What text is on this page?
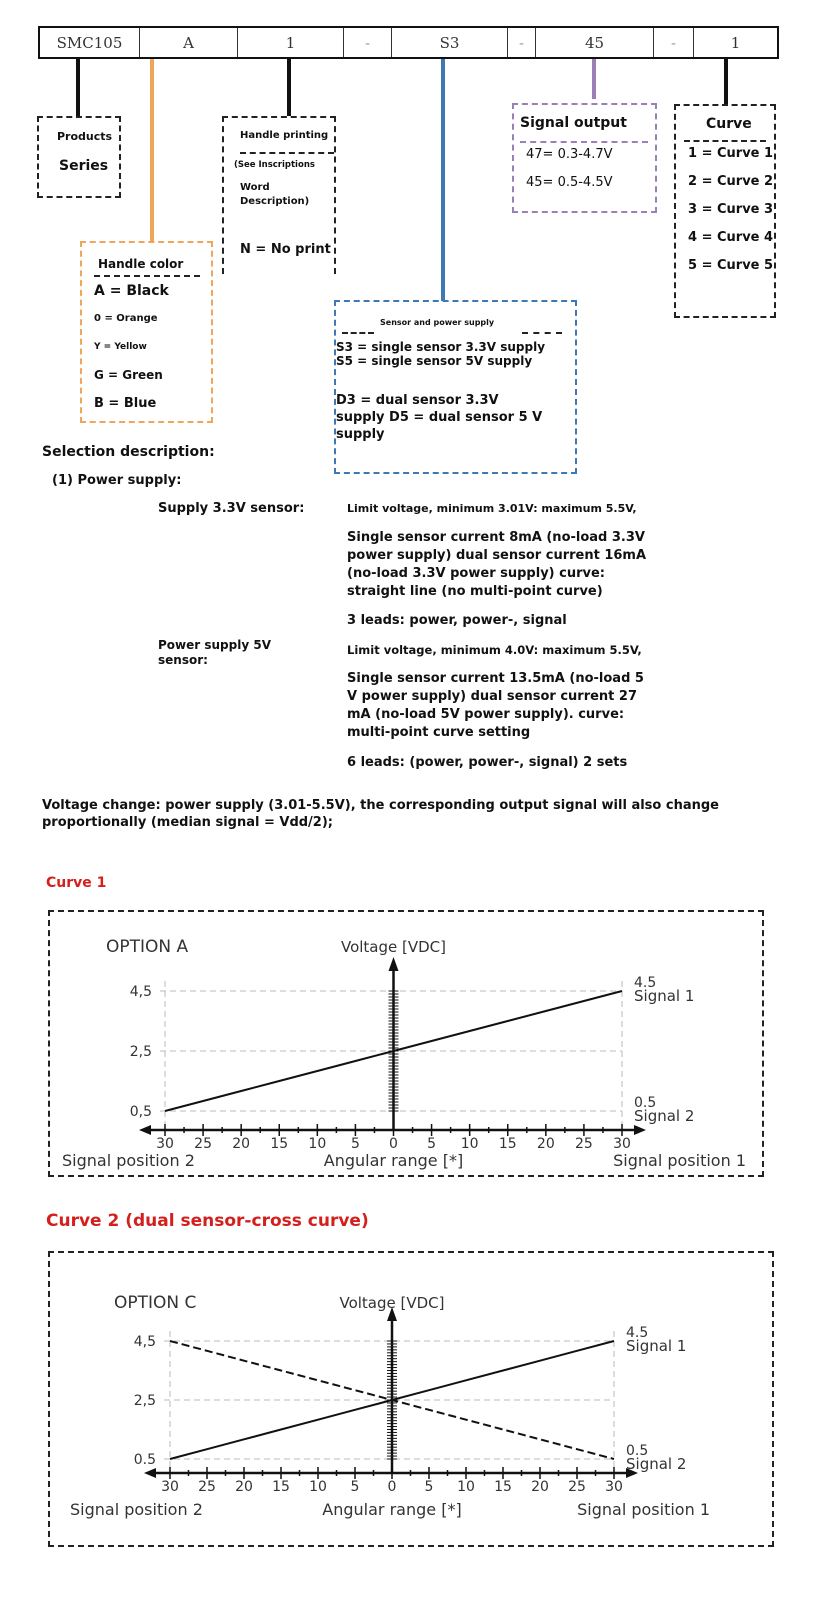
SMC105	A	1	-	S3	-	45	-	1
Products
Series
Handle printing
(See Inscriptions
Word
Description)
N = No print
Handle color
A = Black
0 = Orange
Y = Yellow
G = Green
B = Blue
Sensor and power supply
S3 = single sensor 3.3V supply S5 = single sensor 5V supply
D3 = dual sensor 3.3V supply D5 = dual sensor 5 V supply
Signal output
47= 0.3-4.7V
45= 0.5-4.5V
Curve
1 = Curve 1
2 = Curve 2
3 = Curve 3
4 = Curve 4
5 = Curve 5
Selection description:
(1) Power supply:
Supply 3.3V sensor:	Limit voltage, minimum 3.01V: maximum 5.5V,
Single sensor current 8mA (no-load 3.3V power supply) dual sensor current 16mA (no-load 3.3V power supply) curve: straight line (no multi-point curve)
3 leads: power, power-, signal
Power supply 5V sensor:
Limit voltage, minimum 4.0V: maximum 5.5V,
Single sensor current 13.5mA (no-load 5 V power supply) dual sensor current 27 mA (no-load 5V power supply). curve: multi-point curve setting
6 leads: (power, power-, signal) 2 sets
Voltage change: power supply (3.01-5.5V), the corresponding output signal will also change proportionally (median signal = Vdd/2);
Curve 1
4,5
2,5
0,5
30 25 20 15 10 5 0 5 10 15 20 25 30
4.5
Signal 1
0.5
Signal 2
OPTION A	Voltage [VDC]
Signal position 2	Angular range [*]	Signal position 1
Curve 2 (dual sensor-cross curve)
4,5
2,5
0.5
30 25 20 15 10 5 0 5 10 15 20 25 30
4.5
Signal 1
0.5
Signal 2
OPTION C	Voltage [VDC]
Signal position 2	Angular range [*]	Signal position 1
